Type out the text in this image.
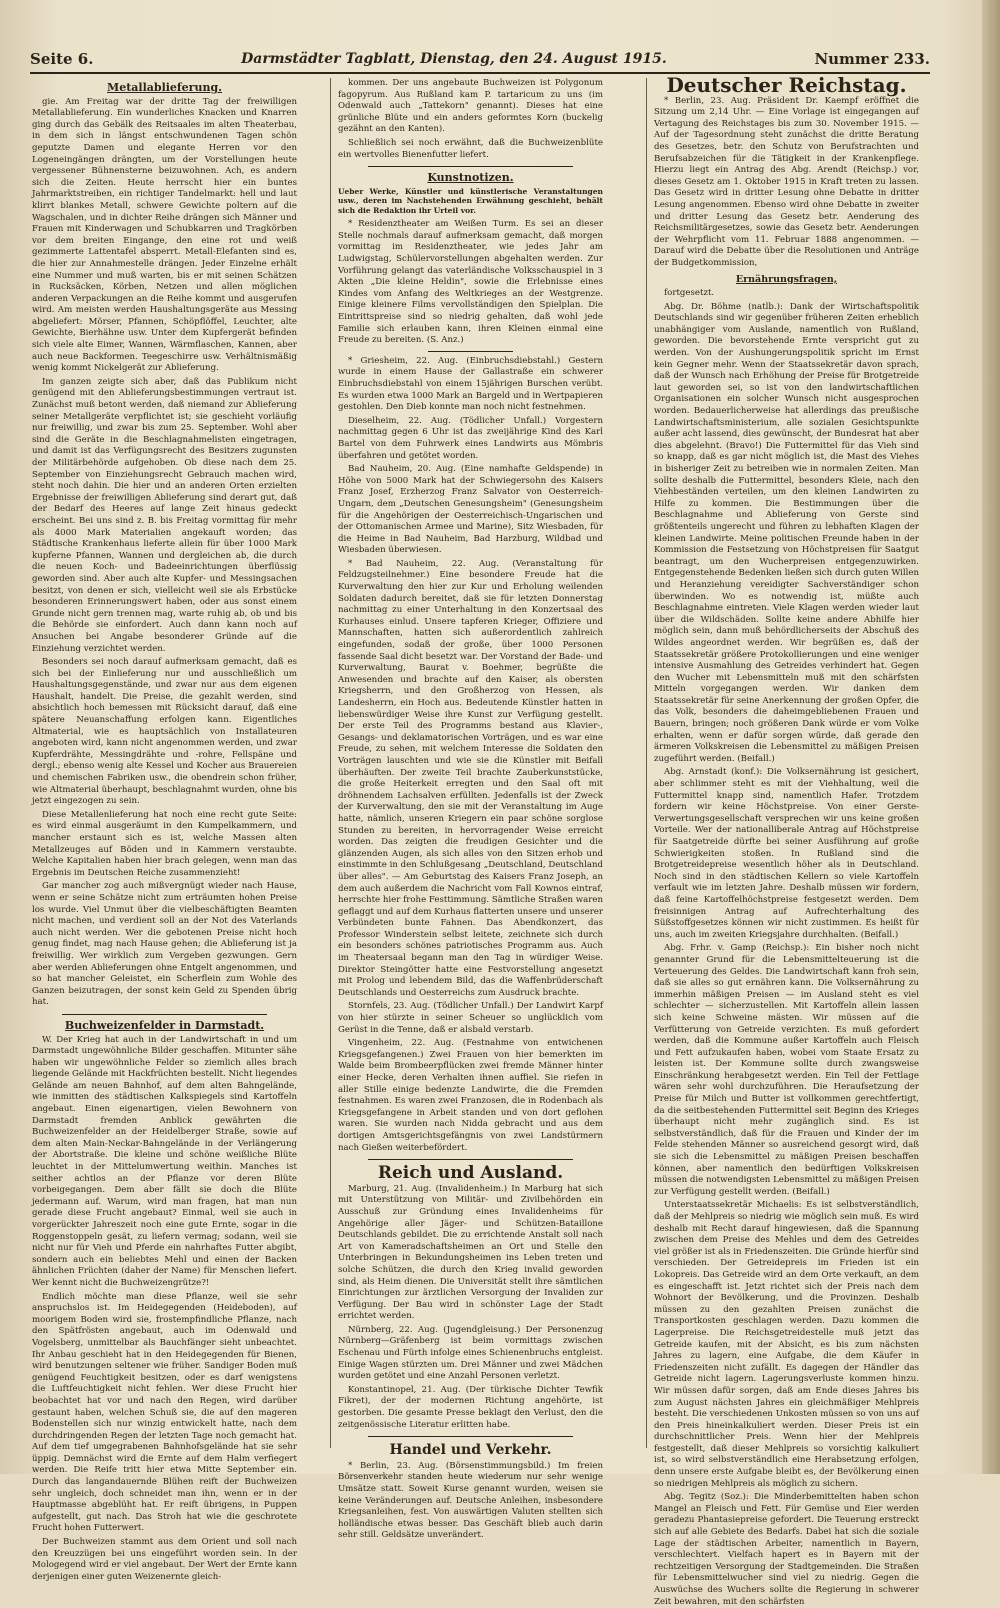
Seite 6.	Darmstädter Tagblatt, Dienstag, den 24. August 1915.	Nummer 233.
Metallablieferung.

gie. Am Freitag war der dritte Tag der freiwilligen Metallablieferung. Ein wunderliches Knacken und Knarren ging durch das Gebälk des Reitsaales im alten Theaterbau, in dem sich in längst entschwundenen Tagen schön geputzte Damen und elegante Herren vor den Logeneingängen drängten, um der Vorstellungen heute vergessener Bühnensterne beizuwohnen. Ach, es andern sich die Zeiten. Heute herrscht hier ein buntes Jahrmarktstreiben, ein richtiger Tandelmarkt: hell und laut klirrt blankes Metall, schwere Gewichte poltern auf die Wagschalen, und in dichter Reihe drängen sich Männer und Frauen mit Kinderwagen und Schubkarren und Tragkörben vor dem breiten Eingange, den eine rot und weiß gezimmerte Lattentafel absperrt. Metall-Elefanten sind es, die hier zur Annahmestelle drängen. Jeder Einzelne erhält eine Nummer und muß warten, bis er mit seinen Schätzen in Rucksäcken, Körben, Netzen und allen möglichen anderen Verpackungen an die Reihe kommt und ausgerufen wird. Am meisten werden Haushaltungsgeräte aus Messing abgeliefert: Mörser, Pfannen, Schöpflöffel, Leuchter, alte Gewichte, Bierhähne usw. Unter dem Kupfergerät befinden sich viele alte Eimer, Wannen, Wärmflaschen, Kannen, aber auch neue Backformen. Teegeschirre usw. Verhältnismäßig wenig kommt Nickelgerät zur Ablieferung.

Im ganzen zeigte sich aber, daß das Publikum nicht genügend mit den Ablieferungsbestimmungen vertraut ist. Zunächst muß betont werden, daß niemand zur Ablieferung seiner Metallgeräte verpflichtet ist; sie geschieht vorläufig nur freiwillig, und zwar bis zum 25. September. Wohl aber sind die Geräte in die Beschlagnahmelisten eingetragen, und damit ist das Verfügungsrecht des Besitzers zugunsten der Militärbehörde aufgehoben. Ob diese nach dem 25. September von Einziehungsrecht Gebrauch machen wird, steht noch dahin. Die hier und an anderen Orten erzielten Ergebnisse der freiwilligen Ablieferung sind derart gut, daß der Bedarf des Heeres auf lange Zeit hinaus gedeckt erscheint. Bei uns sind z. B. bis Freitag vormittag für mehr als 4000 Mark Materialien angekauft worden; das Städtische Krankenhaus lieferte allein für über 1000 Mark kupferne Pfannen, Wannen und dergleichen ab, die durch die neuen Koch- und Badeeinrichtungen überflüssig geworden sind. Aber auch alte Kupfer- und Messingsachen besitzt, von denen er sich, vielleicht weil sie als Erbstücke besonderen Erinnerungswert haben, oder aus sonst einem Grunde nicht gern trennen mag, warte ruhig ab, ob und bis die Behörde sie einfordert. Auch dann kann noch auf Ansuchen bei Angabe besonderer Gründe auf die Einziehung verzichtet werden.

Besonders sei noch darauf aufmerksam gemacht, daß es sich bei der Einlieferung nur und ausschließlich um Haushaltungsgegenstände, und zwar nur aus dem eigenen Haushalt, handelt. Die Preise, die gezahlt werden, sind absichtlich hoch bemessen mit Rücksicht darauf, daß eine spätere Neuanschaffung erfolgen kann. Eigentliches Altmaterial, wie es hauptsächlich von Installateuren angeboten wird, kann nicht angenommen werden, und zwar Kupferdrähte, Messingdrähte und -rohre, Fellspäne und dergl.; ebenso wenig alte Kessel und Kocher aus Brauereien und chemischen Fabriken usw., die obendrein schon früher, wie Altmaterial überhaupt, beschlagnahmt wurden, ohne bis jetzt eingezogen zu sein.

Diese Metallenlieferung hat noch eine recht gute Seite: es wird einmal ausgeräumt in den Kumpelkammern, und mancher erstaunt sich es ist, welche Massen alten Metallzeuges auf Böden und in Kammern verstaubte. Welche Kapitalien haben hier brach gelegen, wenn man das Ergebnis im Deutschen Reiche zusammenzieht!

Gar mancher zog auch mißvergnügt wieder nach Hause, wenn er seine Schätze nicht zum erträumten hohen Preise los wurde. Viel Unmut über die vielbeschäftigten Beamten nicht machen, und verdient soll an der Not des Vaterlands auch nicht werden. Wer die gebotenen Preise nicht hoch genug findet, mag nach Hause gehen; die Ablieferung ist ja freiwillig. Wer wirklich zum Vergeben gezwungen. Gern aber werden Ablieferungen ohne Entgelt angenommen, und so hat mancher Geleistet, ein Scherflein zum Wohle des Ganzen beizutragen, der sonst kein Geld zu Spenden übrig hat.

Buchweizenfelder in Darmstadt.

W. Der Krieg hat auch in der Landwirtschaft in und um Darmstadt ungewöhnliche Bilder geschaffen. Mitunter sähe haben wir ungewöhnliche Felder so ziemlich alles brach liegende Gelände mit Hackfrüchten bestellt. Nicht liegendes Gelände am neuen Bahnhof, auf dem alten Bahngelände, wie inmitten des städtischen Kalkspiegels sind Kartoffeln angebaut. Einen eigenartigen, vielen Bewohnern von Darmstadt fremden Anblick gewährten die Buchweizenfelder an der Heidelberger Straße, sowie auf dem alten Main-Neckar-Bahngelände in der Verlängerung der Abortstraße. Die kleine und schöne weißliche Blüte leuchtet in der Mittelumwertung weithin. Manches ist seither achtlos an der Pflanze vor deren Blüte vorbeigegangen. Dem aber fällt sie doch die Blüte jedermann auf. Warum, wird man fragen, hat man nun gerade diese Frucht angebaut? Einmal, weil sie auch in vorgerückter Jahreszeit noch eine gute Ernte, sogar in die Roggenstoppeln gesät, zu liefern vermag; sodann, weil sie nicht nur für Vieh und Pferde ein nahrhaftes Futter abgibt, sondern auch ein beliebtes Mehl und einen der Backen ähnlichen Früchten (daher der Name) für Menschen liefert. Wer kennt nicht die Buchweizengrütze?!

Endlich möchte man diese Pflanze, weil sie sehr anspruchslos ist. Im Heidegegenden (Heideboden), auf moorigem Boden wird sie, frostempfindliche Pflanze, nach den Spätfrösten angebaut, auch im Odenwald und Vogelsberg, unmittelbar als Bauchfänger sieht unbeachtet. Ihr Anbau geschieht hat in den Heidegegenden für Bienen, wird benutzungen seltener wie früher. Sandiger Boden muß genügend Feuchtigkeit besitzen, oder es darf wenigstens die Luftfeuchtigkeit nicht fehlen. Wer diese Frucht hier beobachtet hat vor und nach den Regen, wird darüber gestaunt haben, welchen Schuß sie, die auf den mageren Bodenstellen sich nur winzig entwickelt hatte, nach dem durchdringenden Regen der letzten Tage noch gemacht hat. Auf dem tief umgegrabenen Bahnhofsgelände hat sie sehr üppig. Demnächst wird die Ernte auf dem Halm verfiegert werden. Die Reife tritt hier etwa Mitte September ein. Durch das langandauernde Blühen reift der Buchweizen sehr ungleich, doch schneidet man ihn, wenn er in der Hauptmasse abgeblüht hat. Er reift übrigens, in Puppen aufgestellt, gut nach. Das Stroh hat wie die geschrotete Frucht hohen Futterwert.

Der Buchweizen stammt aus dem Orient und soll nach den Kreuzzügen bei uns eingeführt worden sein. In der Mologegend wird er viel angebaut. Der Wert der Ernte kann derjenigen einer guten Weizenernte gleich-

kommen. Der uns angebaute Buchweizen ist Polygonum fagopyrum. Aus Rußland kam P. tartaricum zu uns (im Odenwald auch „Tattekorn" genannt). Dieses hat eine grünliche Blüte und ein anders geformtes Korn (buckelig gezähnt an den Kanten).

Schließlich sei noch erwähnt, daß die Buchweizenblüte ein wertvolles Bienenfutter liefert.

Kunstnotizen.

Ueber Werke, Künstler und künstlerische Veranstaltungen usw., deren im Nachstehenden Erwähnung geschieht, behält sich die Redaktion ihr Urteil vor.

* Residenztheater am Weißen Turm. Es sei an dieser Stelle nochmals darauf aufmerksam gemacht, daß morgen vormittag im Residenztheater, wie jedes Jahr am Ludwigstag, Schülervorstellungen abgehalten werden. Zur Vorführung gelangt das vaterländische Volksschauspiel in 3 Akten „Die kleine Heldin", sowie die Erlebnisse eines Kindes vom Anfang des Weltkrieges an der Westgrenze. Einige kleinere Films vervollständigen den Spielplan. Die Eintrittspreise sind so niedrig gehalten, daß wohl jede Familie sich erlauben kann, ihren Kleinen einmal eine Freude zu bereiten. (S. Anz.)

* Griesheim, 22. Aug. (Einbruchsdiebstahl.) Gestern wurde in einem Hause der Gallastraße ein schwerer Einbruchsdiebstahl von einem 15jährigen Burschen verübt. Es wurden etwa 1000 Mark an Bargeld und in Wertpapieren gestohlen. Den Dieb konnte man noch nicht festnehmen.

Dieselheim, 22. Aug. (Tödlicher Unfall.) Vorgestern nachmittag gegen 6 Uhr ist das zweijährige Kind des Karl Bartel von dem Fuhrwerk eines Landwirts aus Mömbris überfahren und getötet worden.

Bad Nauheim, 20. Aug. (Eine namhafte Geldspende) in Höhe von 5000 Mark hat der Schwiegersohn des Kaisers Franz Josef, Erzherzog Franz Salvator von Oesterreich-Ungarn, dem „Deutschen Genesungsheim" (Genesungsheim für die Angehörigen der Oesterreichisch-Ungarischen und der Ottomanischen Armee und Marine), Sitz Wiesbaden, für die Heime in Bad Nauheim, Bad Harzburg, Wildbad und Wiesbaden überwiesen.

* Bad Nauheim, 22. Aug. (Veranstaltung für Feldzugsteilnehmer.) Eine besondere Freude hat die Kurverwaltung den hier zur Kur und Erholung weilenden Soldaten dadurch bereitet, daß sie für letzten Donnerstag nachmittag zu einer Unterhaltung in den Konzertsaal des Kurhauses einlud. Unsere tapferen Krieger, Offiziere und Mannschaften, hatten sich außerordentlich zahlreich eingefunden, sodaß der große, über 1000 Personen fassende Saal dicht besetzt war. Der Vorstand der Bade- und Kurverwaltung, Baurat v. Boehmer, begrüßte die Anwesenden und brachte auf den Kaiser, als obersten Kriegsherrn, und den Großherzog von Hessen, als Landesherrn, ein Hoch aus. Bedeutende Künstler hatten in liebenswürdiger Weise ihre Kunst zur Verfügung gestellt. Der erste Teil des Programms bestand aus Klavier-, Gesangs- und deklamatorischen Vorträgen, und es war eine Freude, zu sehen, mit welchem Interesse die Soldaten den Vorträgen lauschten und wie sie die Künstler mit Beifall überhäuften. Der zweite Teil brachte Zauberkunststücke, die große Heiterkeit erregten und den Saal oft mit dröhnendem Lachsalven erfüllten. Jedenfalls ist der Zweck der Kurverwaltung, den sie mit der Veranstaltung im Auge hatte, nämlich, unseren Kriegern ein paar schöne sorglose Stunden zu bereiten, in hervorragender Weise erreicht worden. Das zeigten die freudigen Gesichter und die glänzenden Augen, als sich alles von den Sitzen erhob und einstimmte in den Schlußgesang „Deutschland, Deutschland über alles". — Am Geburtstag des Kaisers Franz Joseph, an dem auch außerdem die Nachricht vom Fall Kownos eintraf, herrschte hier frohe Festtimmung. Sämtliche Straßen waren geflaggt und auf dem Kurhaus flatterten unsere und unserer Verbündeten bunte Fahnen. Das Abendkonzert, das Professor Winderstein selbst leitete, zeichnete sich durch ein besonders schönes patriotisches Programm aus. Auch im Theatersaal begann man den Tag in würdiger Weise. Direktor Steingötter hatte eine Festvorstellung angesetzt mit Prolog und lebendem Bild, das die Waffenbrüderschaft Deutschlands und Oesterreichs zum Ausdruck brachte.

Stornfels, 23. Aug. (Tödlicher Unfall.) Der Landwirt Karpf von hier stürzte in seiner Scheuer so unglücklich vom Gerüst in die Tenne, daß er alsbald verstarb.

Vingenheim, 22. Aug. (Festnahme von entwichenen Kriegsgefangenen.) Zwei Frauen von hier bemerkten im Walde beim Brombeerpflücken zwei fremde Männer hinter einer Hecke, deren Verhalten ihnen auffiel. Sie riefen in aller Stille einige bedenzte Landwirte, die die Fremden festnahmen. Es waren zwei Franzosen, die in Rodenbach als Kriegsgefangene in Arbeit standen und von dort geflohen waren. Sie wurden nach Nidda gebracht und aus dem dortigen Amtsgerichtsgefängnis von zwei Landstürmern nach Gießen weiterbefördert.

Reich und Ausland.

Marburg, 21. Aug. (Invalidenheim.) In Marburg hat sich mit Unterstützung von Militär- und Zivilbehörden ein Ausschuß zur Gründung eines Invalidenheims für Angehörige aller Jäger- und Schützen-Bataillone Deutschlands gebildet. Die zu errichtende Anstalt soll nach Art von Kameradschaftsheimen an Ort und Stelle den Unterbringen in Bekundungsheimen ins Leben treten und solche Schützen, die durch den Krieg invalid geworden sind, als Heim dienen. Die Universität stellt ihre sämtlichen Einrichtungen zur ärztlichen Versorgung der Invaliden zur Verfügung. Der Bau wird in schönster Lage der Stadt errichtet werden.

Nürnberg, 22. Aug. (Jugendgleisung.) Der Personenzug Nürnberg—Gräfenberg ist beim vormittags zwischen Eschenau und Fürth infolge eines Schienenbruchs entgleist. Einige Wagen stürzten um. Drei Männer und zwei Mädchen wurden getötet und eine Anzahl Personen verletzt.

Konstantinopel, 21. Aug. (Der türkische Dichter Tewfik Fikret), der der modernen Richtung angehörte, ist gestorben. Die gesamte Presse beklagt den Verlust, den die zeitgenössische Literatur erlitten habe.

Handel und Verkehr.

* Berlin, 23. Aug. (Börsenstimmungsbild.) Im freien Börsenverkehr standen heute wiederum nur sehr wenige Umsätze statt. Soweit Kurse genannt wurden, weisen sie keine Veränderungen auf. Deutsche Anleihen, insbesondere Kriegsanleihen, fest. Von auswärtigen Valuten stellten sich holländische etwas besser. Das Geschäft blieb auch darin sehr still. Geldsätze unverändert.

Deutscher Reichstag.

* Berlin, 23. Aug. Präsident Dr. Kaempf eröffnet die Sitzung um 2,14 Uhr. — Eine Vorlage ist eingegangen auf Vertagung des Reichstages bis zum 30. November 1915. — Auf der Tagesordnung steht zunächst die dritte Beratung des Gesetzes, betr. den Schutz von Berufstrachten und Berufsabzeichen für die Tätigkeit in der Krankenpflege. Hierzu liegt ein Antrag des Abg. Arendt (Reichsp.) vor, dieses Gesetz am 1. Oktober 1915 in Kraft treten zu lassen. Das Gesetz wird in dritter Lesung ohne Debatte in dritter Lesung angenommen. Ebenso wird ohne Debatte in zweiter und dritter Lesung das Gesetz betr. Aenderung des Reichsmilitärgesetzes, sowie das Gesetz betr. Aenderungen der Wehrpflicht vom 11. Februar 1888 angenommen. — Darauf wird die Debatte über die Resolutionen und Anträge der Budgetkommission,

Ernährungsfragen,

fortgesetzt.

Abg. Dr. Böhme (natlb.): Dank der Wirtschaftspolitik Deutschlands sind wir gegenüber früheren Zeiten erheblich unabhängiger vom Auslande, namentlich von Rußland, geworden. Die bevorstehende Ernte verspricht gut zu werden. Von der Aushungerungspolitik spricht im Ernst kein Gegner mehr. Wenn der Staatssekretär davon sprach, daß der Wunsch nach Erhöhung der Preise für Brotgetreide laut geworden sei, so ist von den landwirtschaftlichen Organisationen ein solcher Wunsch nicht ausgesprochen worden. Bedauerlicherweise hat allerdings das preußische Landwirtschaftsministerium, alle sozialen Gesichtspunkte außer acht lassend, dies gewünscht, der Bundesrat hat aber dies abgelehnt. (Bravo!) Die Futtermittel für das Vieh sind so knapp, daß es gar nicht möglich ist, die Mast des Viehes in bisheriger Zeit zu betreiben wie in normalen Zeiten. Man sollte deshalb die Futtermittel, besonders Kleie, nach den Viehbeständen verteilen, um den kleinen Landwirten zu Hilfe zu kommen. Die Bestimmungen über die Beschlagnahme und Ablieferung von Gerste sind größtenteils ungerecht und führen zu lebhaften Klagen der kleinen Landwirte. Meine politischen Freunde haben in der Kommission die Festsetzung von Höchstpreisen für Saatgut beantragt, um den Wucherpreisen entgegenzuwirken. Entgegenstehende Bedenken ließen sich durch guten Willen und Heranziehung vereidigter Sachverständiger schon überwinden. Wo es notwendig ist, müßte auch Beschlagnahme eintreten. Viele Klagen werden wieder laut über die Wildschäden. Sollte keine andere Abhilfe hier möglich sein, dann muß behördlicherseits der Abschuß des Wildes angeordnet werden. Wir begrüßen es, daß der Staatssekretär größere Protokollierungen und eine weniger intensive Ausmahlung des Getreides verhindert hat. Gegen den Wucher mit Lebensmitteln muß mit den schärfsten Mitteln vorgegangen werden. Wir danken dem Staatssekretär für seine Anerkennung der großen Opfer, die das Volk, besonders die daheimgebliebenen Frauen und Bauern, bringen; noch größeren Dank würde er vom Volke erhalten, wenn er dafür sorgen würde, daß gerade den ärmeren Volkskreisen die Lebensmittel zu mäßigen Preisen zugeführt werden. (Beifall.)

Abg. Arnstadt (konf.): Die Volksernährung ist gesichert, aber schlimmer steht es mit der Viehhaltung, weil die Futtermittel knapp sind, namentlich Hafer. Trotzdem fordern wir keine Höchstpreise. Von einer Gerste-Verwertungsgesellschaft versprechen wir uns keine großen Vorteile. Wer der nationalliberale Antrag auf Höchstpreise für Saatgetreide dürfte bei seiner Ausführung auf große Schwierigkeiten stoßen. In Rußland sind die Brotgetreidepreise wesentlich höher als in Deutschland. Noch sind in den städtischen Kellern so viele Kartoffeln verfault wie im letzten Jahre. Deshalb müssen wir fordern, daß feine Kartoffelhöchstpreise festgesetzt werden. Dem freisinnigen Antrag auf Aufrechterhaltung des Süßstoffgesetzes können wir nicht zustimmen. Es heißt für uns, auch im zweiten Kriegsjahre durchhalten. (Beifall.)

Abg. Frhr. v. Gamp (Reichsp.): Ein bisher noch nicht genannter Grund für die Lebensmittelteuerung ist die Verteuerung des Geldes. Die Landwirtschaft kann froh sein, daß sie alles so gut ernähren kann. Die Volksernährung zu immerhin mäßigen Preisen — im Ausland steht es viel schlechter — sicherzustellen. Mit Kartoffeln allein lassen sich keine Schweine mästen. Wir müssen auf die Verfütterung von Getreide verzichten. Es muß gefordert werden, daß die Kommune außer Kartoffeln auch Fleisch und Fett aufzukaufen haben, wobei vom Staate Ersatz zu leisten ist. Der Kommune sollte durch zwangsweise Einschränkung herabgesetzt werden. Ein Teil der Fettlage wären sehr wohl durchzuführen. Die Heraufsetzung der Preise für Milch und Butter ist vollkommen gerechtfertigt, da die seitbestehenden Futtermittel seit Beginn des Krieges überhaupt nicht mehr zugänglich sind. Es ist selbstverständlich, daß für die Frauen und Kinder der im Felde stehenden Männer so ausreichend gesorgt wird, daß sie sich die Lebensmittel zu mäßigen Preisen beschaffen können, aber namentlich den bedürftigen Volkskreisen müssen die notwendigsten Lebensmittel zu mäßigen Preisen zur Verfügung gestellt werden. (Beifall.)

Unterstaatssekretär Michaelis: Es ist selbstverständlich, daß der Mehlpreis so niedrig wie möglich sein muß. Es wird deshalb mit Recht darauf hingewiesen, daß die Spannung zwischen dem Preise des Mehles und dem des Getreides viel größer ist als in Friedenszeiten. Die Gründe hierfür sind verschieden. Der Getreidepreis im Frieden ist ein Lokopreis. Das Getreide wird an dem Orte verkauft, an dem es eingeschafft ist. Jetzt richtet sich der Preis nach dem Wohnort der Bevölkerung, und die Provinzen. Deshalb müssen zu den gezahlten Preisen zunächst die Transportkosten geschlagen werden. Dazu kommen die Lagerpreise. Die Reichsgetreidestelle muß jetzt das Getreide kaufen, mit der Absicht, es bis zum nächsten Jahres zu lagern, eine Aufgabe, die dem Käufer in Friedenszeiten nicht zufällt. Es dagegen der Händler das Getreide nicht lagern. Lagerungsverluste kommen hinzu. Wir müssen dafür sorgen, daß am Ende dieses Jahres bis zum August nächsten Jahres ein gleichmäßiger Mehlpreis besteht. Die verschiedenen Unkosten müssen so von uns auf den Preis hineinkalkuliert werden. Dieser Preis ist ein durchschnittlicher Preis. Wenn hier der Mehlpreis festgestellt, daß dieser Mehlpreis so vorsichtig kalkuliert ist, so wird selbstverständlich eine Herabsetzung erfolgen, denn unsere erste Aufgabe bleibt es, der Bevölkerung einen so niedrigen Mehlpreis als möglich zu sichern.

Abg. Tegitz (Soz.): Die Minderbemittelten haben schon Mangel an Fleisch und Fett. Für Gemüse und Eier werden geradezu Phantasiepreise gefordert. Die Teuerung erstreckt sich auf alle Gebiete des Bedarfs. Dabei hat sich die soziale Lage der städtischen Arbeiter, namentlich in Bayern, verschlechtert. Vielfach hapert es in Bayern mit der rechtzeitigen Versorgung der Stadtgemeinden. Die Straßen für Lebensmittelwucher sind viel zu niedrig. Gegen die Auswüchse des Wuchers sollte die Regierung in schwerer Zeit bewahren, mit den schärfsten
